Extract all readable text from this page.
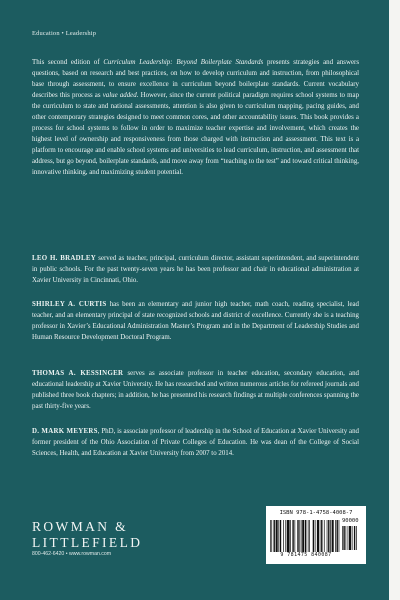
Education • Leadership

This second edition of Curriculum Leadership: Beyond Boilerplate Standards presents strategies and answers questions, based on research and best practices, on how to develop curriculum and instruction, from philosophical base through assessment, to ensure excellence in curriculum beyond boilerplate standards. Current vocabulary describes this process as value added. However, since the current political paradigm requires school systems to map the curriculum to state and national assessments, attention is also given to curriculum mapping, pacing guides, and other contemporary strategies designed to meet common cores, and other accountability issues. This book provides a process for school systems to follow in order to maximize teacher expertise and involvement, which creates the highest level of ownership and responsiveness from those charged with instruction and assessment. This text is a platform to encourage and enable school systems and universities to lead curriculum, instruction, and assessment that address, but go beyond, boilerplate standards, and move away from “teaching to the test” and toward critical thinking, innovative thinking, and maximizing student potential.

LEO H. BRADLEY served as teacher, principal, curriculum director, assistant superintendent, and superintendent in public schools. For the past twenty-seven years he has been professor and chair in educational administration at Xavier University in Cincinnati, Ohio.

SHIRLEY A. CURTIS has been an elementary and junior high teacher, math coach, reading specialist, lead teacher, and an elementary principal of state recognized schools and district of excellence. Currently she is a teaching professor in Xavier’s Educational Administration Master’s Program and in the Department of Leadership Studies and Human Resource Development Doctoral Program.

THOMAS A. KESSINGER serves as associate professor in teacher education, secondary education, and educational leadership at Xavier University. He has researched and written numerous articles for refereed journals and published three book chapters; in addition, he has presented his research findings at multiple conferences spanning the past thirty-five years.

D. MARK MEYERS, PhD, is associate professor of leadership in the School of Education at Xavier University and former president of the Ohio Association of Private Colleges of Education. He was dean of the College of Social Sciences, Health, and Education at Xavier University from 2007 to 2014.

ROWMAN &
LITTLEFIELD
800-462-6420 • www.rowman.com
ISBN 978-1-4758-4008-7
90000
9 781475 840087
